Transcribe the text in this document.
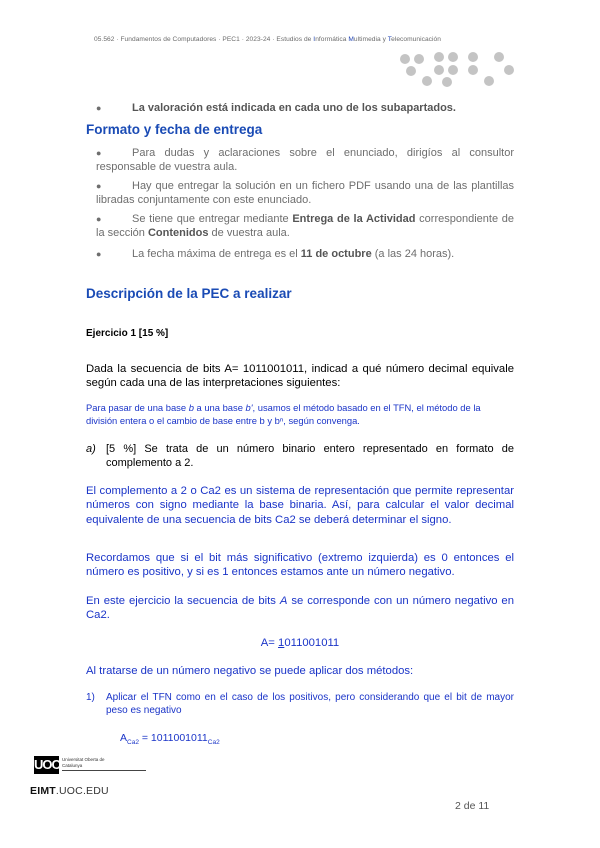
05.562 · Fundamentos de Computadores · PEC1 · 2023-24 · Estudios de Informática Multimedia y Telecomunicación
●	La valoración está indicada en cada uno de los subapartados.
Formato y fecha de entrega
●	Para dudas y aclaraciones sobre el enunciado, dirigíos al consultor responsable de vuestra aula.
●	Hay que entregar la solución en un fichero PDF usando una de las plantillas libradas conjuntamente con este enunciado.
●	Se tiene que entregar mediante Entrega de la Actividad correspondiente de la sección Contenidos de vuestra aula.
●	La fecha máxima de entrega es el 11 de octubre (a las 24 horas).
Descripción de la PEC a realizar
Ejercicio 1 [15 %]
Dada la secuencia de bits A= 1011001011, indicad a qué número decimal equivale según cada una de las interpretaciones siguientes:
Para pasar de una base b a una base b', usamos el método basado en el TFN, el método de la división entera o el cambio de base entre b y bⁿ, según convenga.
a) [5 %] Se trata de un número binario entero representado en formato de complemento a 2.
El complemento a 2 o Ca2 es un sistema de representación que permite representar números con signo mediante la base binaria. Así, para calcular el valor decimal equivalente de una secuencia de bits Ca2 se deberá determinar el signo.
Recordamos que si el bit más significativo (extremo izquierda) es 0 entonces el número es positivo, y si es 1 entonces estamos ante un número negativo.
En este ejercicio la secuencia de bits A se corresponde con un número negativo en Ca2.
A= 1011001011
Al tratarse de un número negativo se puede aplicar dos métodos:
1) Aplicar el TFN como en el caso de los positivos, pero considerando que el bit de mayor peso es negativo
$A_{Ca2} = 1011001011_{Ca2}$
UOC Universitat Oberta de Catalunya
EIMT.UOC.EDU
2 de 11
